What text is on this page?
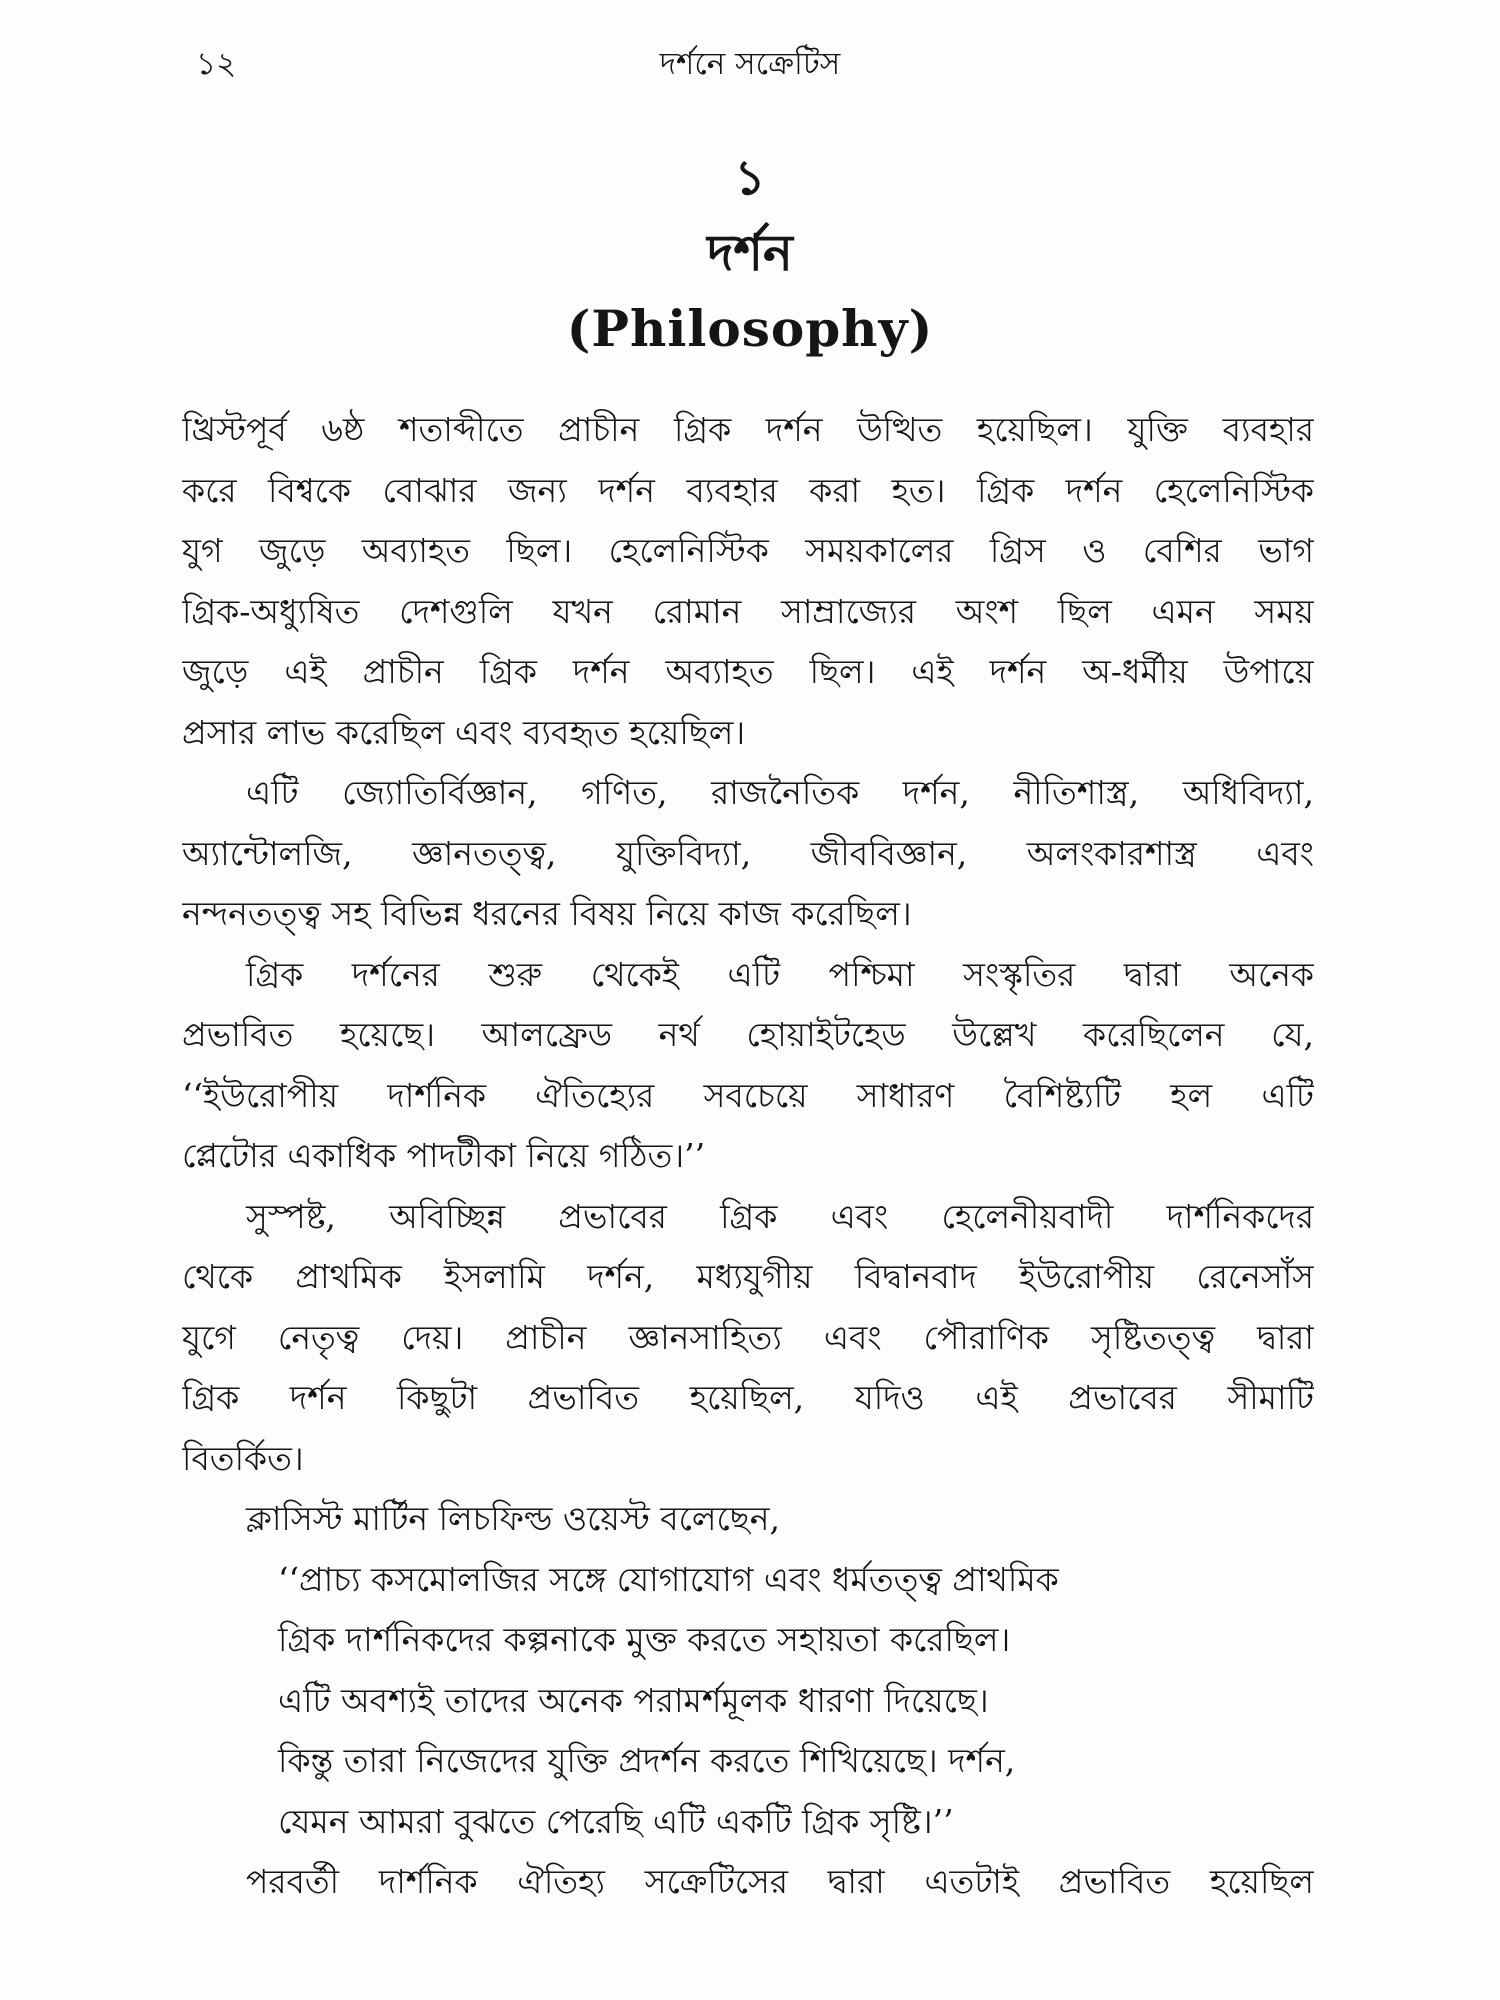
১২	দর্শনে সক্রেটিস
১
দর্শন
(Philosophy)
খ্রিস্টপূর্ব ৬ষ্ঠ শতাব্দীতে প্রাচীন গ্রিক দর্শন উত্থিত হয়েছিল। যুক্তি ব্যবহার
করে বিশ্বকে বোঝার জন্য দর্শন ব্যবহার করা হত। গ্রিক দর্শন হেলেনিস্টিক
যুগ জুড়ে অব্যাহত ছিল। হেলেনিস্টিক সময়কালের গ্রিস ও বেশির ভাগ
গ্রিক-অধ্যুষিত দেশগুলি যখন রোমান সাম্রাজ্যের অংশ ছিল এমন সময়
জুড়ে এই প্রাচীন গ্রিক দর্শন অব্যাহত ছিল। এই দর্শন অ-ধর্মীয় উপায়ে
প্রসার লাভ করেছিল এবং ব্যবহৃত হয়েছিল।
এটি জ্যোতির্বিজ্ঞান, গণিত, রাজনৈতিক দর্শন, নীতিশাস্ত্র, অধিবিদ্যা,
অ্যান্টোলজি, জ্ঞানতত্ত্ব, যুক্তিবিদ্যা, জীববিজ্ঞান, অলংকারশাস্ত্র এবং
নন্দনতত্ত্ব সহ বিভিন্ন ধরনের বিষয় নিয়ে কাজ করেছিল।
গ্রিক দর্শনের শুরু থেকেই এটি পশ্চিমা সংস্কৃতির দ্বারা অনেক
প্রভাবিত হয়েছে। আলফ্রেড নর্থ হোয়াইটহেড উল্লেখ করেছিলেন যে,
‘‘ইউরোপীয় দার্শনিক ঐতিহ্যের সবচেয়ে সাধারণ বৈশিষ্ট্যটি হল এটি
প্লেটোর একাধিক পাদটীকা নিয়ে গঠিত।’’
সুস্পষ্ট, অবিচ্ছিন্ন প্রভাবের গ্রিক এবং হেলেনীয়বাদী দার্শনিকদের
থেকে প্রাথমিক ইসলামি দর্শন, মধ্যযুগীয় বিদ্বানবাদ ইউরোপীয় রেনেসাঁস
যুগে নেতৃত্ব দেয়। প্রাচীন জ্ঞানসাহিত্য এবং পৌরাণিক সৃষ্টিতত্ত্ব দ্বারা
গ্রিক দর্শন কিছুটা প্রভাবিত হয়েছিল, যদিও এই প্রভাবের সীমাটি
বিতর্কিত।
ক্লাসিস্ট মার্টিন লিচফিল্ড ওয়েস্ট বলেছেন,
‘‘প্রাচ্য কসমোলজির সঙ্গে যোগাযোগ এবং ধর্মতত্ত্ব প্রাথমিক
গ্রিক দার্শনিকদের কল্পনাকে মুক্ত করতে সহায়তা করেছিল।
এটি অবশ্যই তাদের অনেক পরামর্শমূলক ধারণা দিয়েছে।
কিন্তু তারা নিজেদের যুক্তি প্রদর্শন করতে শিখিয়েছে। দর্শন,
যেমন আমরা বুঝতে পেরেছি এটি একটি গ্রিক সৃষ্টি।’’
পরবর্তী দার্শনিক ঐতিহ্য সক্রেটিসের দ্বারা এতটাই প্রভাবিত হয়েছিল
